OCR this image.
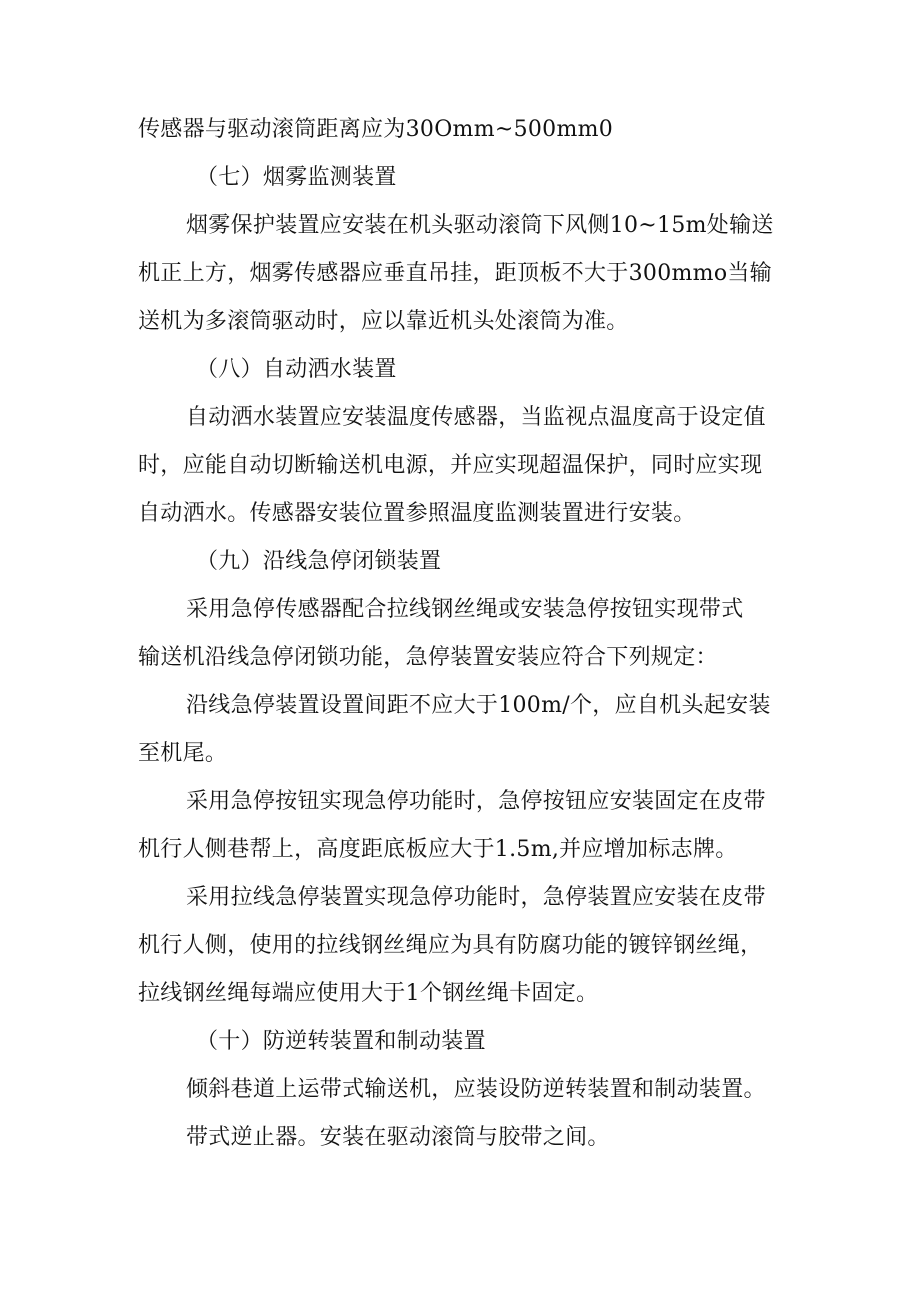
传感器与驱动滚筒距离应为30Omm~500mm0
（七）烟雾监测装置
烟雾保护装置应安装在机头驱动滚筒下风侧10~15m处输送
机正上方，烟雾传感器应垂直吊挂，距顶板不大于300mmo当输
送机为多滚筒驱动时，应以靠近机头处滚筒为准。
（八）自动洒水装置
自动洒水装置应安装温度传感器，当监视点温度高于设定值
时，应能自动切断输送机电源，并应实现超温保护，同时应实现
自动洒水。传感器安装位置参照温度监测装置进行安装。
（九）沿线急停闭锁装置
采用急停传感器配合拉线钢丝绳或安装急停按钮实现带式
输送机沿线急停闭锁功能，急停装置安装应符合下列规定：
沿线急停装置设置间距不应大于100m/个，应自机头起安装
至机尾。
采用急停按钮实现急停功能时，急停按钮应安装固定在皮带
机行人侧巷帮上，高度距底板应大于1.5m,并应增加标志牌。
采用拉线急停装置实现急停功能时，急停装置应安装在皮带
机行人侧，使用的拉线钢丝绳应为具有防腐功能的镀锌钢丝绳，
拉线钢丝绳每端应使用大于1个钢丝绳卡固定。
（十）防逆转装置和制动装置
倾斜巷道上运带式输送机，应装设防逆转装置和制动装置。
带式逆止器。安装在驱动滚筒与胶带之间。
